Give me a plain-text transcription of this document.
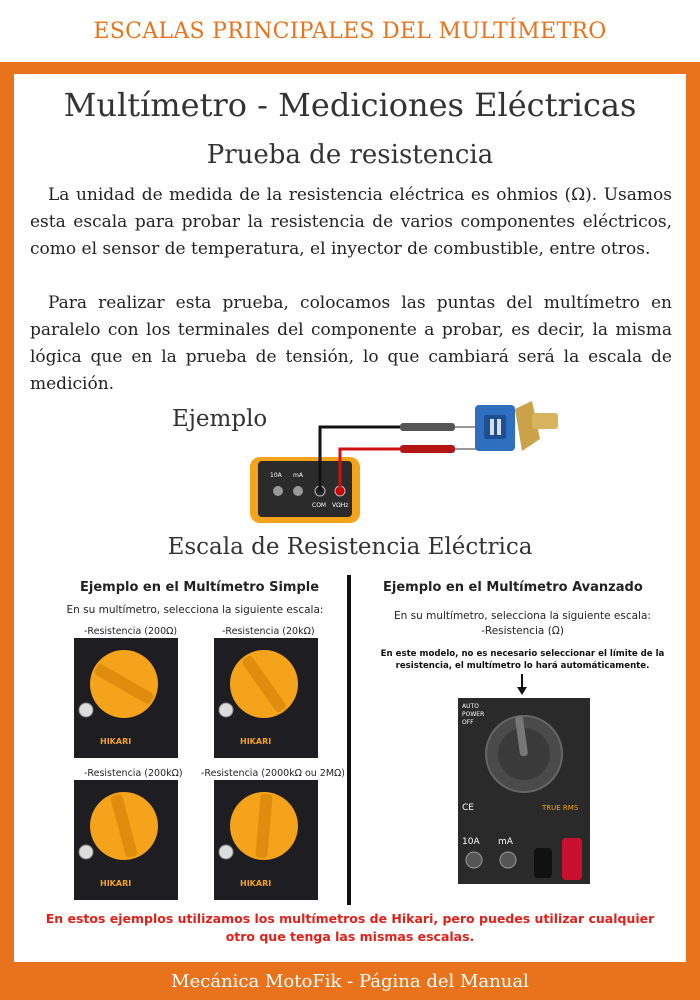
ESCALAS PRINCIPALES DEL MULTÍMETRO
Multímetro - Mediciones Eléctricas
Prueba de resistencia

La unidad de medida de la resistencia eléctrica es ohmios (Ω). Usamos esta escala para probar la resistencia de varios componentes eléctricos, como el sensor de temperatura, el inyector de combustible, entre otros.

Para realizar esta prueba, colocamos las puntas del multímetro en paralelo con los terminales del componente a probar, es decir, la misma lógica que en la prueba de tensión, lo que cambiará será la escala de medición.

Ejemplo
10A mA
COM VΩHz
Escala de Resistencia Eléctrica
Ejemplo en el Multímetro Simple
En su multímetro, selecciona la siguiente escala:
-Resistencia (200Ω)	-Resistencia (20kΩ)
-Resistencia (200kΩ) -Resistencia (2000kΩ ou 2MΩ)
HIKARI	HIKARI
HIKARI	HIKARI
Ejemplo en el Multímetro Avanzado
En su multímetro, selecciona la siguiente escala:
-Resistencia (Ω)
En este modelo, no es necesario seleccionar el límite de la resistencia, el multímetro lo hará automáticamente.
AUTO
POWER
OFF
CE	TRUE RMS
10A mA
En estos ejemplos utilizamos los multímetros de Hikari, pero puedes utilizar cualquier otro que tenga las mismas escalas.
Mecánica MotoFik - Página del Manual
